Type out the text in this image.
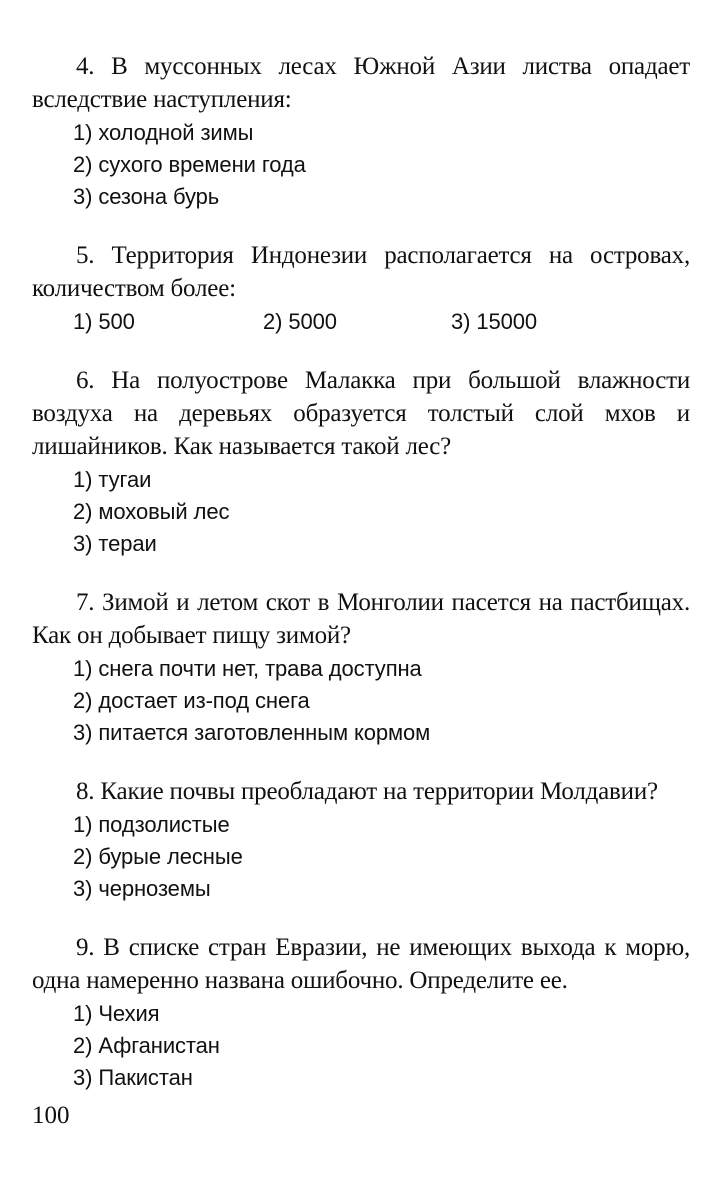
4. В муссонных лесах Южной Азии листва опадает вследствие наступления:

1) холодной зимы
2) сухого времени года
3) сезона бурь

5. Территория Индонезии располагается на островах, количеством более:

1) 500	2) 5000	3) 15000

6. На полуострове Малакка при большой влажности воздуха на деревьях образуется толстый слой мхов и лишайников. Как называется такой лес?

1) тугаи
2) моховый лес
3) тераи

7. Зимой и летом скот в Монголии пасется на пастбищах. Как он добывает пищу зимой?

1) снега почти нет, трава доступна
2) достает из-под снега
3) питается заготовленным кормом

8. Какие почвы преобладают на территории Молдавии?

1) подзолистые
2) бурые лесные
3) черноземы

9. В списке стран Евразии, не имеющих выхода к морю, одна намеренно названа ошибочно. Определите ее.

1) Чехия
2) Афганистан
3) Пакистан

100
